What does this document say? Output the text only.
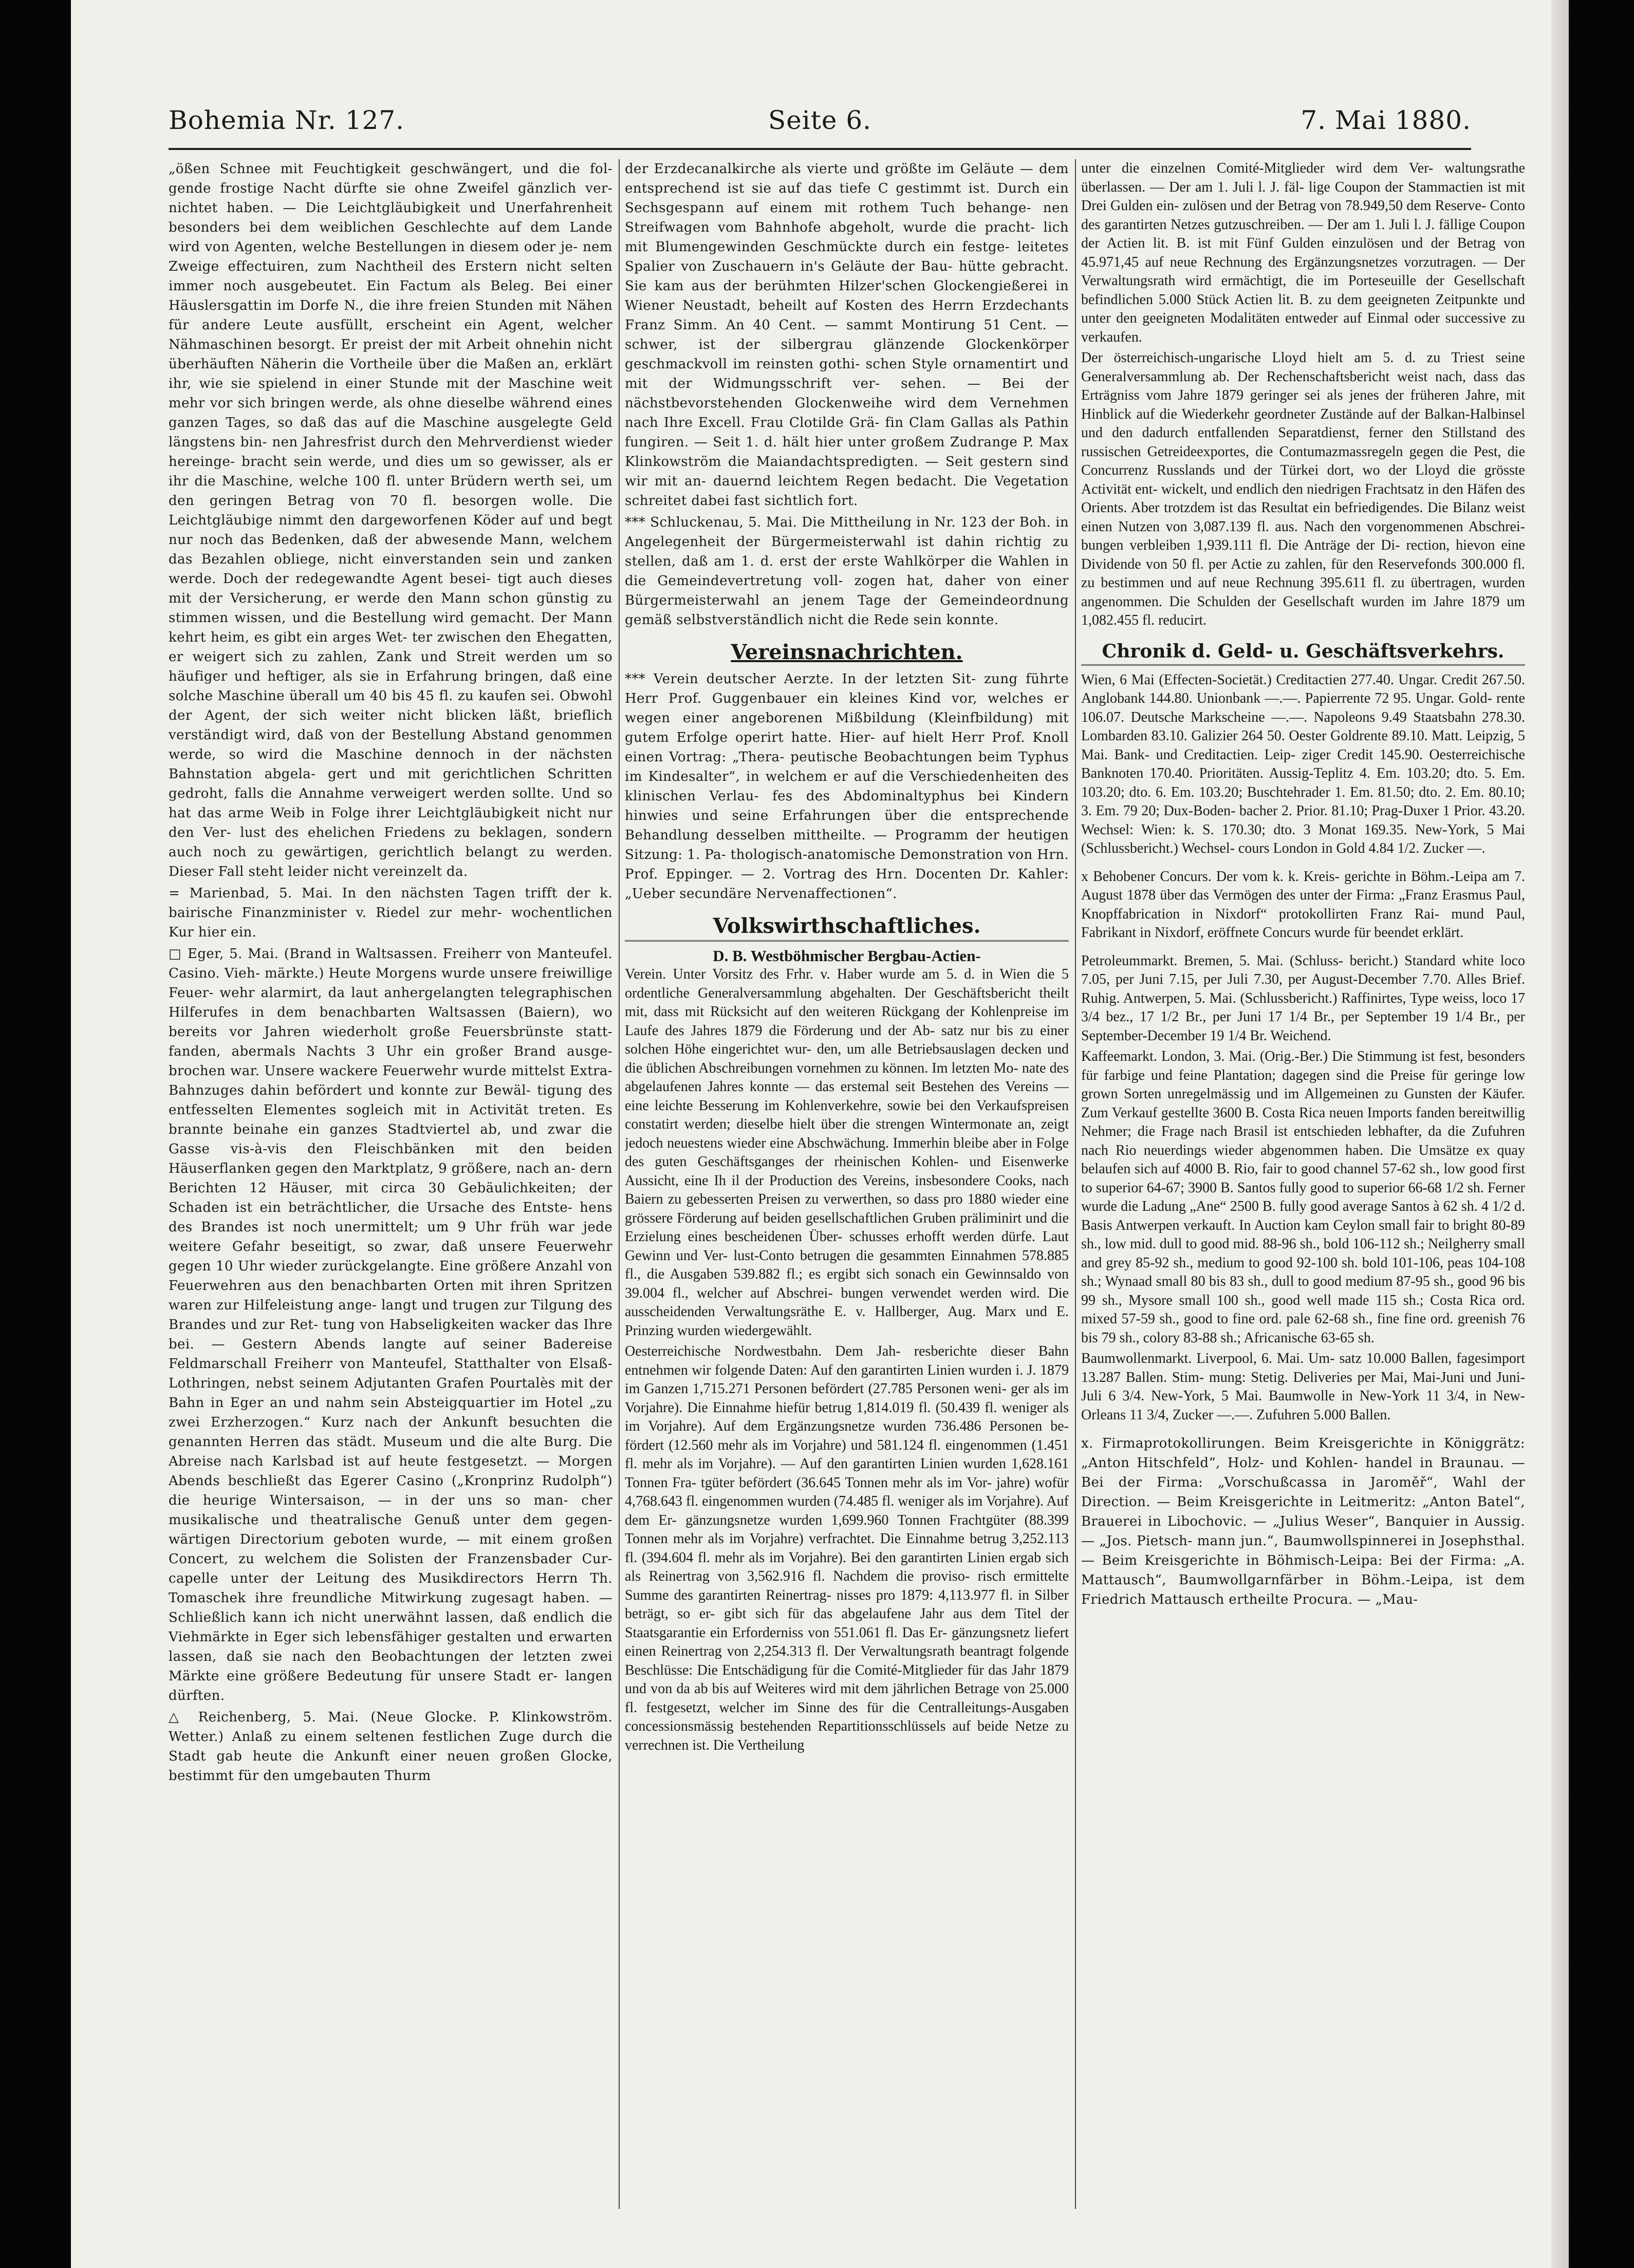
Bohemia Nr. 127.	Seite 6.	7. Mai 1880.

„ößen Schnee mit Feuchtigkeit geschwängert, und die fol- gende frostige Nacht dürfte sie ohne Zweifel gänzlich ver- nichtet haben. — Die Leichtgläubigkeit und Unerfahrenheit besonders bei dem weiblichen Geschlechte auf dem Lande wird von Agenten, welche Bestellungen in diesem oder je- nem Zweige effectuiren, zum Nachtheil des Erstern nicht selten immer noch ausgebeutet. Ein Factum als Beleg. Bei einer Häuslersgattin im Dorfe N., die ihre freien Stunden mit Nähen für andere Leute ausfüllt, erscheint ein Agent, welcher Nähmaschinen besorgt. Er preist der mit Arbeit ohnehin nicht überhäuften Näherin die Vortheile über die Maßen an, erklärt ihr, wie sie spielend in einer Stunde mit der Maschine weit mehr vor sich bringen werde, als ohne dieselbe während eines ganzen Tages, so daß das auf die Maschine ausgelegte Geld längstens bin- nen Jahresfrist durch den Mehrverdienst wieder hereinge- bracht sein werde, und dies um so gewisser, als er ihr die Maschine, welche 100 fl. unter Brüdern werth sei, um den geringen Betrag von 70 fl. besorgen wolle. Die Leichtgläubige nimmt den dargeworfenen Köder auf und begt nur noch das Bedenken, daß der abwesende Mann, welchem das Bezahlen obliege, nicht einverstanden sein und zanken werde. Doch der redegewandte Agent besei- tigt auch dieses mit der Versicherung, er werde den Mann schon günstig zu stimmen wissen, und die Bestellung wird gemacht. Der Mann kehrt heim, es gibt ein arges Wet- ter zwischen den Ehegatten, er weigert sich zu zahlen, Zank und Streit werden um so häufiger und heftiger, als sie in Erfahrung bringen, daß eine solche Maschine überall um 40 bis 45 fl. zu kaufen sei. Obwohl der Agent, der sich weiter nicht blicken läßt, brieflich verständigt wird, daß von der Bestellung Abstand genommen werde, so wird die Maschine dennoch in der nächsten Bahnstation abgela- gert und mit gerichtlichen Schritten gedroht, falls die Annahme verweigert werden sollte. Und so hat das arme Weib in Folge ihrer Leichtgläubigkeit nicht nur den Ver- lust des ehelichen Friedens zu beklagen, sondern auch noch zu gewärtigen, gerichtlich belangt zu werden. Dieser Fall steht leider nicht vereinzelt da.

= Marienbad, 5. Mai. In den nächsten Tagen trifft der k. bairische Finanzminister v. Riedel zur mehr- wochentlichen Kur hier ein.

□ Eger, 5. Mai. (Brand in Waltsassen. Freiherr von Manteufel. Casino. Vieh- märkte.) Heute Morgens wurde unsere freiwillige Feuer- wehr alarmirt, da laut anhergelangten telegraphischen Hilferufes in dem benachbarten Waltsassen (Baiern), wo bereits vor Jahren wiederholt große Feuersbrünste statt- fanden, abermals Nachts 3 Uhr ein großer Brand ausge- brochen war. Unsere wackere Feuerwehr wurde mittelst Extra-Bahnzuges dahin befördert und konnte zur Bewäl- tigung des entfesselten Elementes sogleich mit in Activität treten. Es brannte beinahe ein ganzes Stadtviertel ab, und zwar die Gasse vis-à-vis den Fleischbänken mit den beiden Häuserflanken gegen den Marktplatz, 9 größere, nach an- dern Berichten 12 Häuser, mit circa 30 Gebäulichkeiten; der Schaden ist ein beträchtlicher, die Ursache des Entste- hens des Brandes ist noch unermittelt; um 9 Uhr früh war jede weitere Gefahr beseitigt, so zwar, daß unsere Feuerwehr gegen 10 Uhr wieder zurückgelangte. Eine größere Anzahl von Feuerwehren aus den benachbarten Orten mit ihren Spritzen waren zur Hilfeleistung ange- langt und trugen zur Tilgung des Brandes und zur Ret- tung von Habseligkeiten wacker das Ihre bei. — Gestern Abends langte auf seiner Badereise Feldmarschall Freiherr von Manteufel, Statthalter von Elsaß-Lothringen, nebst seinem Adjutanten Grafen Pourtalès mit der Bahn in Eger an und nahm sein Absteigquartier im Hotel „zu zwei Erzherzogen.“ Kurz nach der Ankunft besuchten die genannten Herren das städt. Museum und die alte Burg. Die Abreise nach Karlsbad ist auf heute festgesetzt. — Morgen Abends beschließt das Egerer Casino („Kronprinz Rudolph“) die heurige Wintersaison, — in der uns so man- cher musikalische und theatralische Genuß unter dem gegen- wärtigen Directorium geboten wurde, — mit einem großen Concert, zu welchem die Solisten der Franzensbader Cur- capelle unter der Leitung des Musikdirectors Herrn Th. Tomaschek ihre freundliche Mitwirkung zugesagt haben. — Schließlich kann ich nicht unerwähnt lassen, daß endlich die Viehmärkte in Eger sich lebensfähiger gestalten und erwarten lassen, daß sie nach den Beobachtungen der letzten zwei Märkte eine größere Bedeutung für unsere Stadt er- langen dürften.

△ Reichenberg, 5. Mai. (Neue Glocke. P. Klinkowström. Wetter.) Anlaß zu einem seltenen festlichen Zuge durch die Stadt gab heute die Ankunft einer neuen großen Glocke, bestimmt für den umgebauten Thurm

der Erzdecanalkirche als vierte und größte im Geläute — dem entsprechend ist sie auf das tiefe C gestimmt ist. Durch ein Sechsgespann auf einem mit rothem Tuch behange- nen Streifwagen vom Bahnhofe abgeholt, wurde die pracht- lich mit Blumengewinden Geschmückte durch ein festge- leitetes Spalier von Zuschauern in's Geläute der Bau- hütte gebracht. Sie kam aus der berühmten Hilzer'schen Glockengießerei in Wiener Neustadt, beheilt auf Kosten des Herrn Erzdechants Franz Simm. An 40 Cent. — sammt Montirung 51 Cent. — schwer, ist der silbergrau glänzende Glockenkörper geschmackvoll im reinsten gothi- schen Style ornamentirt und mit der Widmungsschrift ver- sehen. — Bei der nächstbevorstehenden Glockenweihe wird dem Vernehmen nach Ihre Excell. Frau Clotilde Grä- fin Clam Gallas als Pathin fungiren. — Seit 1. d. hält hier unter großem Zudrange P. Max Klinkowström die Maiandachtspredigten. — Seit gestern sind wir mit an- dauernd leichtem Regen bedacht. Die Vegetation schreitet dabei fast sichtlich fort.

*** Schluckenau, 5. Mai. Die Mittheilung in Nr. 123 der Boh. in Angelegenheit der Bürgermeisterwahl ist dahin richtig zu stellen, daß am 1. d. erst der erste Wahlkörper die Wahlen in die Gemeindevertretung voll- zogen hat, daher von einer Bürgermeisterwahl an jenem Tage der Gemeindeordnung gemäß selbstverständlich nicht die Rede sein konnte.

Vereinsnachrichten.

*** Verein deutscher Aerzte. In der letzten Sit- zung führte Herr Prof. Guggenbauer ein kleines Kind vor, welches er wegen einer angeborenen Mißbildung (Kleinfbildung) mit gutem Erfolge operirt hatte. Hier- auf hielt Herr Prof. Knoll einen Vortrag: „Thera- peutische Beobachtungen beim Typhus im Kindesalter“, in welchem er auf die Verschiedenheiten des klinischen Verlau- fes des Abdominaltyphus bei Kindern hinwies und seine Erfahrungen über die entsprechende Behandlung desselben mittheilte. — Programm der heutigen Sitzung: 1. Pa- thologisch-anatomische Demonstration von Hrn. Prof. Eppinger. — 2. Vortrag des Hrn. Docenten Dr. Kahler: „Ueber secundäre Nervenaffectionen“.

Volkswirthschaftliches.
D. B. Westböhmischer Bergbau-Actien-

Verein. Unter Vorsitz des Frhr. v. Haber wurde am 5. d. in Wien die 5 ordentliche Generalversammlung abgehalten. Der Geschäftsbericht theilt mit, dass mit Rücksicht auf den weiteren Rückgang der Kohlenpreise im Laufe des Jahres 1879 die Förderung und der Ab- satz nur bis zu einer solchen Höhe eingerichtet wur- den, um alle Betriebsauslagen decken und die üblichen Abschreibungen vornehmen zu können. Im letzten Mo- nate des abgelaufenen Jahres konnte — das erstemal seit Bestehen des Vereins — eine leichte Besserung im Kohlenverkehre, sowie bei den Verkaufspreisen constatirt werden; dieselbe hielt über die strengen Wintermonate an, zeigt jedoch neuestens wieder eine Abschwächung. Immerhin bleibe aber in Folge des guten Geschäftsganges der rheinischen Kohlen- und Eisenwerke Aussicht, eine Ih il der Production des Vereins, insbesondere Cooks, nach Baiern zu gebesserten Preisen zu verwerthen, so dass pro 1880 wieder eine grössere Förderung auf beiden gesellschaftlichen Gruben präliminirt und die Erzielung eines bescheidenen Über- schusses erhofft werden dürfe. Laut Gewinn und Ver- lust-Conto betrugen die gesammten Einnahmen 578.885 fl., die Ausgaben 539.882 fl.; es ergibt sich sonach ein Gewinnsaldo von 39.004 fl., welcher auf Abschrei- bungen verwendet werden wird. Die ausscheidenden Verwaltungsräthe E. v. Hallberger, Aug. Marx und E. Prinzing wurden wiedergewählt.

Oesterreichische Nordwestbahn. Dem Jah- resberichte dieser Bahn entnehmen wir folgende Daten: Auf den garantirten Linien wurden i. J. 1879 im Ganzen 1,715.271 Personen befördert (27.785 Personen weni- ger als im Vorjahre). Die Einnahme hiefür betrug 1,814.019 fl. (50.439 fl. weniger als im Vorjahre). Auf dem Ergänzungsnetze wurden 736.486 Personen be- fördert (12.560 mehr als im Vorjahre) und 581.124 fl. eingenommen (1.451 fl. mehr als im Vorjahre). — Auf den garantirten Linien wurden 1,628.161 Tonnen Fra- tgüter befördert (36.645 Tonnen mehr als im Vor- jahre) wofür 4,768.643 fl. eingenommen wurden (74.485 fl. weniger als im Vorjahre). Auf dem Er- gänzungsnetze wurden 1,699.960 Tonnen Frachtgüter (88.399 Tonnen mehr als im Vorjahre) verfrachtet. Die Einnahme betrug 3,252.113 fl. (394.604 fl. mehr als im Vorjahre). Bei den garantirten Linien ergab sich als Reinertrag von 3,562.916 fl. Nachdem die proviso- risch ermittelte Summe des garantirten Reinertrag- nisses pro 1879: 4,113.977 fl. in Silber beträgt, so er- gibt sich für das abgelaufene Jahr aus dem Titel der Staatsgarantie ein Erforderniss von 551.061 fl. Das Er- gänzungsnetz liefert einen Reinertrag von 2,254.313 fl. Der Verwaltungsrath beantragt folgende Beschlüsse: Die Entschädigung für die Comité-Mitglieder für das Jahr 1879 und von da ab bis auf Weiteres wird mit dem jährlichen Betrage von 25.000 fl. festgesetzt, welcher im Sinne des für die Centralleitungs-Ausgaben concessionsmässig bestehenden Repartitionsschlüssels auf beide Netze zu verrechnen ist. Die Vertheilung

unter die einzelnen Comité-Mitglieder wird dem Ver- waltungsrathe überlassen. — Der am 1. Juli l. J. fäl- lige Coupon der Stammactien ist mit Drei Gulden ein- zulösen und der Betrag von 78.949,50 dem Reserve- Conto des garantirten Netzes gutzuschreiben. — Der am 1. Juli l. J. fällige Coupon der Actien lit. B. ist mit Fünf Gulden einzulösen und der Betrag von 45.971,45 auf neue Rechnung des Ergänzungsnetzes vorzutragen. — Der Verwaltungsrath wird ermächtigt, die im Porteseuille der Gesellschaft befindlichen 5.000 Stück Actien lit. B. zu dem geeigneten Zeitpunkte und unter den geeigneten Modalitäten entweder auf Einmal oder successive zu verkaufen.

Der österreichisch-ungarische Lloyd hielt am 5. d. zu Triest seine Generalversammlung ab. Der Rechenschaftsbericht weist nach, dass das Erträgniss vom Jahre 1879 geringer sei als jenes der früheren Jahre, mit Hinblick auf die Wiederkehr geordneter Zustände auf der Balkan-Halbinsel und den dadurch entfallenden Separatdienst, ferner den Stillstand des russischen Getreideexportes, die Contumazmassregeln gegen die Pest, die Concurrenz Russlands und der Türkei dort, wo der Lloyd die grösste Activität ent- wickelt, und endlich den niedrigen Frachtsatz in den Häfen des Orients. Aber trotzdem ist das Resultat ein befriedigendes. Die Bilanz weist einen Nutzen von 3,087.139 fl. aus. Nach den vorgenommenen Abschrei- bungen verbleiben 1,939.111 fl. Die Anträge der Di- rection, hievon eine Dividende von 50 fl. per Actie zu zahlen, für den Reservefonds 300.000 fl. zu bestimmen und auf neue Rechnung 395.611 fl. zu übertragen, wurden angenommen. Die Schulden der Gesellschaft wurden im Jahre 1879 um 1,082.455 fl. reducirt.

Chronik d. Geld- u. Geschäftsverkehrs.

Wien, 6 Mai (Effecten-Societät.) Creditactien 277.40. Ungar. Credit 267.50. Anglobank 144.80. Unionbank —.—. Papierrente 72 95. Ungar. Gold- rente 106.07. Deutsche Markscheine —.—. Napoleons 9.49 Staatsbahn 278.30. Lombarden 83.10. Galizier 264 50. Oester Goldrente 89.10. Matt. Leipzig, 5 Mai. Bank- und Creditactien. Leip- ziger Credit 145.90. Oesterreichische Banknoten 170.40. Prioritäten. Aussig-Teplitz 4. Em. 103.20; dto. 5. Em. 103.20; dto. 6. Em. 103.20; Buschtehrader 1. Em. 81.50; dto. 2. Em. 80.10; 3. Em. 79 20; Dux-Boden- bacher 2. Prior. 81.10; Prag-Duxer 1 Prior. 43.20. Wechsel: Wien: k. S. 170.30; dto. 3 Monat 169.35. New-York, 5 Mai (Schlussbericht.) Wechsel- cours London in Gold 4.84 1/2. Zucker —.

x Behobener Concurs. Der vom k. k. Kreis- gerichte in Böhm.-Leipa am 7. August 1878 über das Vermögen des unter der Firma: „Franz Erasmus Paul, Knopffabrication in Nixdorf“ protokollirten Franz Rai- mund Paul, Fabrikant in Nixdorf, eröffnete Concurs wurde für beendet erklärt.

Petroleummarkt. Bremen, 5. Mai. (Schluss- bericht.) Standard white loco 7.05, per Juni 7.15, per Juli 7.30, per August-December 7.70. Alles Brief. Ruhig. Antwerpen, 5. Mai. (Schlussbericht.) Raffinirtes, Type weiss, loco 17 3/4 bez., 17 1/2 Br., per Juni 17 1/4 Br., per September 19 1/4 Br., per September-December 19 1/4 Br. Weichend.

Kaffeemarkt. London, 3. Mai. (Orig.-Ber.) Die Stimmung ist fest, besonders für farbige und feine Plantation; dagegen sind die Preise für geringe low grown Sorten unregelmässig und im Allgemeinen zu Gunsten der Käufer. Zum Verkauf gestellte 3600 B. Costa Rica neuen Imports fanden bereitwillig Nehmer; die Frage nach Brasil ist entschieden lebhafter, da die Zufuhren nach Rio neuerdings wieder abgenommen haben. Die Umsätze ex quay belaufen sich auf 4000 B. Rio, fair to good channel 57-62 sh., low good first to superior 64-67; 3900 B. Santos fully good to superior 66-68 1/2 sh. Ferner wurde die Ladung „Ane“ 2500 B. fully good average Santos à 62 sh. 4 1/2 d. Basis Antwerpen verkauft. In Auction kam Ceylon small fair to bright 80-89 sh., low mid. dull to good mid. 88-96 sh., bold 106-112 sh.; Neilgherry small and grey 85-92 sh., medium to good 92-100 sh. bold 101-106, peas 104-108 sh.; Wynaad small 80 bis 83 sh., dull to good medium 87-95 sh., good 96 bis 99 sh., Mysore small 100 sh., good well made 115 sh.; Costa Rica ord. mixed 57-59 sh., good to fine ord. pale 62-68 sh., fine fine ord. greenish 76 bis 79 sh., colory 83-88 sh.; Africanische 63-65 sh.

Baumwollenmarkt. Liverpool, 6. Mai. Um- satz 10.000 Ballen, fagesimport 13.287 Ballen. Stim- mung: Stetig. Deliveries per Mai, Mai-Juni und Juni- Juli 6 3/4. New-York, 5 Mai. Baumwolle in New-York 11 3/4, in New-Orleans 11 3/4, Zucker —.—. Zufuhren 5.000 Ballen.

x. Firmaprotokollirungen. Beim Kreisgerichte in Königgrätz: „Anton Hitschfeld“, Holz- und Kohlen- handel in Braunau. — Bei der Firma: „Vorschußcassa in Jaroměř“, Wahl der Direction. — Beim Kreisgerichte in Leitmeritz: „Anton Batel“, Brauerei in Libochovic. — „Julius Weser“, Banquier in Aussig. — „Jos. Pietsch- mann jun.“, Baumwollspinnerei in Josephsthal. — Beim Kreisgerichte in Böhmisch-Leipa: Bei der Firma: „A. Mattausch“, Baumwollgarnfärber in Böhm.-Leipa, ist dem Friedrich Mattausch ertheilte Procura. — „Mau-
